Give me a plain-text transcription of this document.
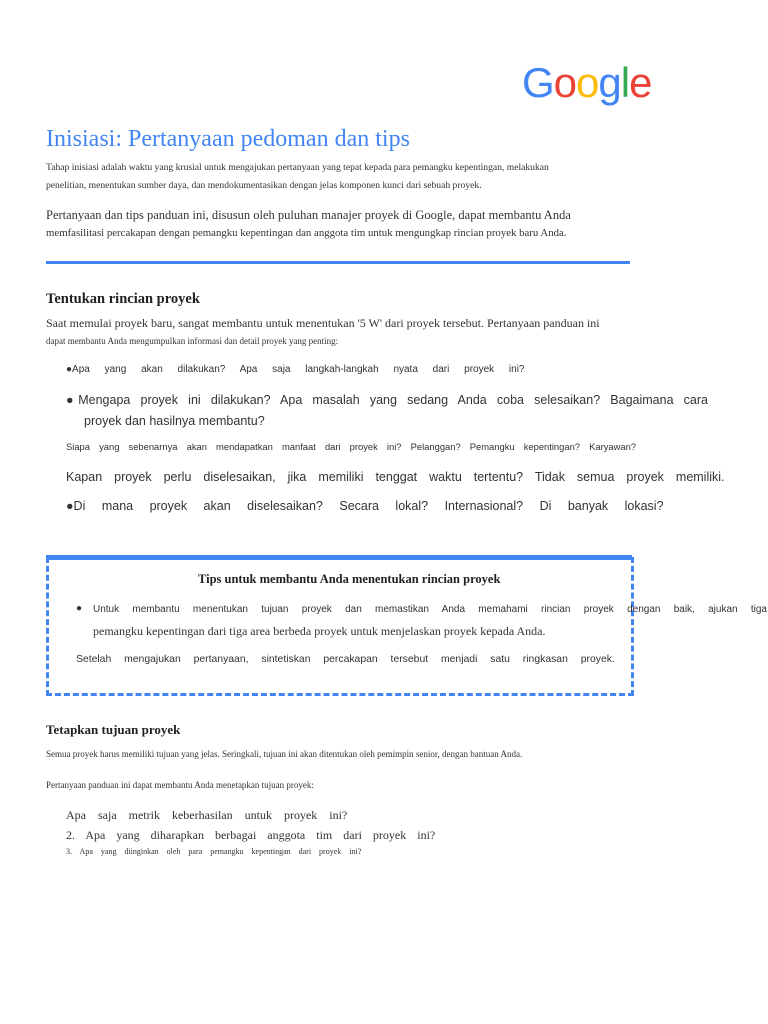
Google
Inisiasi: Pertanyaan pedoman dan tips
Tahap inisiasi adalah waktu yang krusial untuk mengajukan pertanyaan yang tepat kepada para pemangku kepentingan, melakukan
penelitian, menentukan sumber daya, dan mendokumentasikan dengan jelas komponen kunci dari sebuah proyek.
Pertanyaan dan tips panduan ini, disusun oleh puluhan manajer proyek di Google, dapat membantu Anda
memfasilitasi percakapan dengan pemangku kepentingan dan anggota tim untuk mengungkap rincian proyek baru Anda.
Tentukan rincian proyek
Saat memulai proyek baru, sangat membantu untuk menentukan '5 W' dari proyek tersebut. Pertanyaan panduan ini
dapat membantu Anda mengumpulkan informasi dan detail proyek yang penting:
●Apa yang akan dilakukan? Apa saja langkah-langkah nyata dari proyek ini?
●Mengapa proyek ini dilakukan? Apa masalah yang sedang Anda coba selesaikan? Bagaimana cara
proyek dan hasilnya membantu?
Siapa yang sebenarnya akan mendapatkan manfaat dari proyek ini? Pelanggan? Pemangku kepentingan? Karyawan?
Kapan proyek perlu diselesaikan, jika memiliki tenggat waktu tertentu? Tidak semua proyek memiliki.
●Di mana proyek akan diselesaikan? Secara lokal? Internasional? Di banyak lokasi?
Tips untuk membantu Anda menentukan rincian proyek
● Untuk membantu menentukan tujuan proyek dan memastikan Anda memahami rincian proyek dengan baik, ajukan tiga
pemangku kepentingan dari tiga area berbeda proyek untuk menjelaskan proyek kepada Anda.
Setelah mengajukan pertanyaan, sintetiskan percakapan tersebut menjadi satu ringkasan proyek.
Tetapkan tujuan proyek
Semua proyek harus memiliki tujuan yang jelas. Seringkali, tujuan ini akan ditentukan oleh pemimpin senior, dengan bantuan Anda.
Pertanyaan panduan ini dapat membantu Anda menetapkan tujuan proyek:
Apa saja metrik keberhasilan untuk proyek ini?
2. Apa yang diharapkan berbagai anggota tim dari proyek ini?
3. Apa yang diinginkan oleh para pemangku kepentingan dari proyek ini?
